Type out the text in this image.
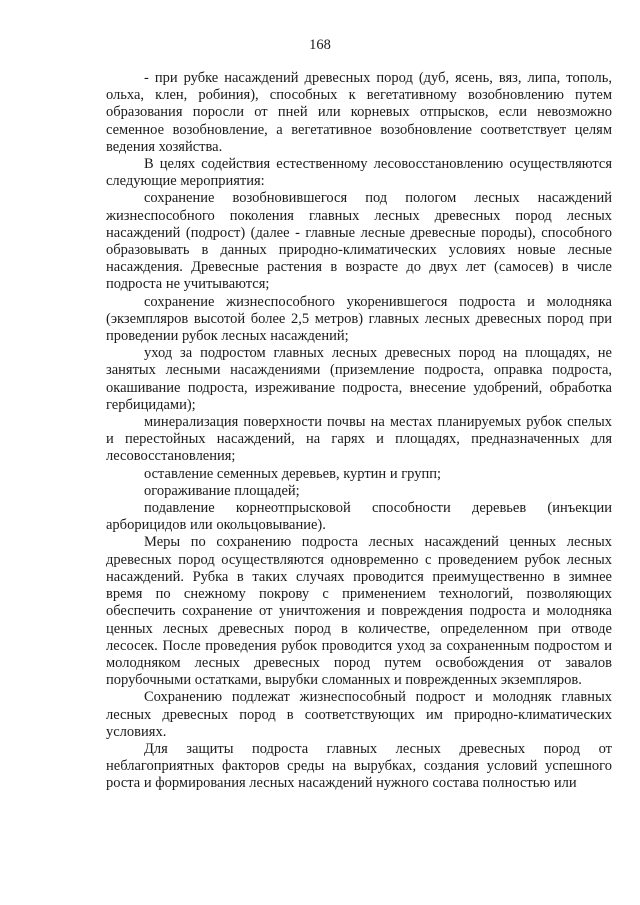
168

- при рубке насаждений древесных пород (дуб, ясень, вяз, липа, тополь, ольха, клен, робиния), способных к вегетативному возобновлению путем образования поросли от пней или корневых отпрысков, если невозможно семенное возобновление, а вегетативное возобновление соответствует целям ведения хозяйства.

В целях содействия естественному лесовосстановлению осуществляются следующие мероприятия:

сохранение возобновившегося под пологом лесных насаждений жизнеспособного поколения главных лесных древесных пород лесных насаждений (подрост) (далее - главные лесные древесные породы), способного образовывать в данных природно-климатических условиях новые лесные насаждения. Древесные растения в возрасте до двух лет (самосев) в числе подроста не учитываются;

сохранение жизнеспособного укоренившегося подроста и молодняка (экземпляров высотой более 2,5 метров) главных лесных древесных пород при проведении рубок лесных насаждений;

уход за подростом главных лесных древесных пород на площадях, не занятых лесными насаждениями (приземление подроста, оправка подроста, окашивание подроста, изреживание подроста, внесение удобрений, обработка гербицидами);

минерализация поверхности почвы на местах планируемых рубок спелых и перестойных насаждений, на гарях и площадях, предназначенных для лесовосстановления;

оставление семенных деревьев, куртин и групп;

огораживание площадей;

подавление корнеотпрысковой способности деревьев (инъекции арборицидов или окольцовывание).

Меры по сохранению подроста лесных насаждений ценных лесных древесных пород осуществляются одновременно с проведением рубок лесных насаждений. Рубка в таких случаях проводится преимущественно в зимнее время по снежному покрову с применением технологий, позволяющих обеспечить сохранение от уничтожения и повреждения подроста и молодняка ценных лесных древесных пород в количестве, определенном при отводе лесосек. После проведения рубок проводится уход за сохраненным подростом и молодняком лесных древесных пород путем освобождения от завалов порубочными остатками, вырубки сломанных и поврежденных экземпляров.

Сохранению подлежат жизнеспособный подрост и молодняк главных лесных древесных пород в соответствующих им природно-климатических условиях.

Для защиты подроста главных лесных древесных пород от неблагоприятных факторов среды на вырубках, создания условий успешного роста и формирования лесных насаждений нужного состава полностью или
